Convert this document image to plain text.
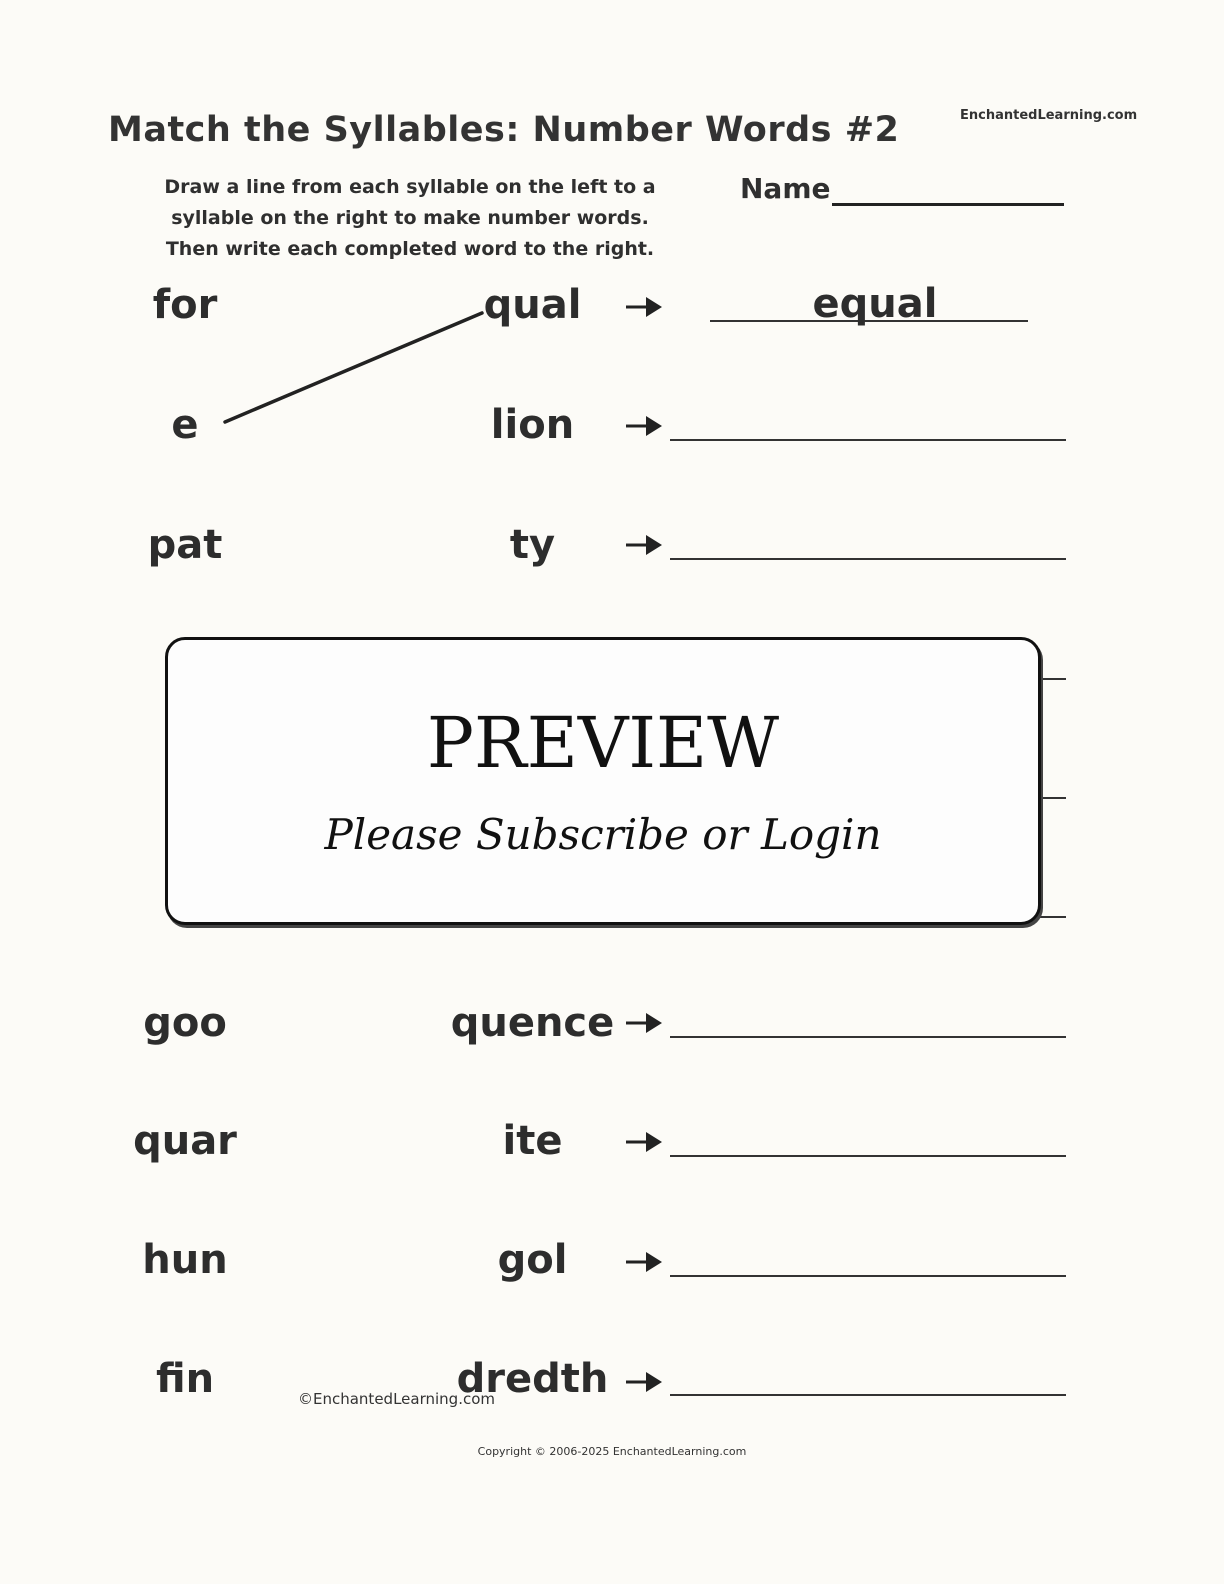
Match the Syllables: Number Words #2	EnchantedLearning.com
Draw a line from each syllable on the left to a
syllable on the right to make number words.
Then write each completed word to the right.
Name
for	qual	equal
e	lion
pat	ty
PREVIEW
Please Subscribe or Login
goo	quence
quar	ite
hun	gol
fin	dredth
©EnchantedLearning.com
Copyright © 2006-2025 EnchantedLearning.com
